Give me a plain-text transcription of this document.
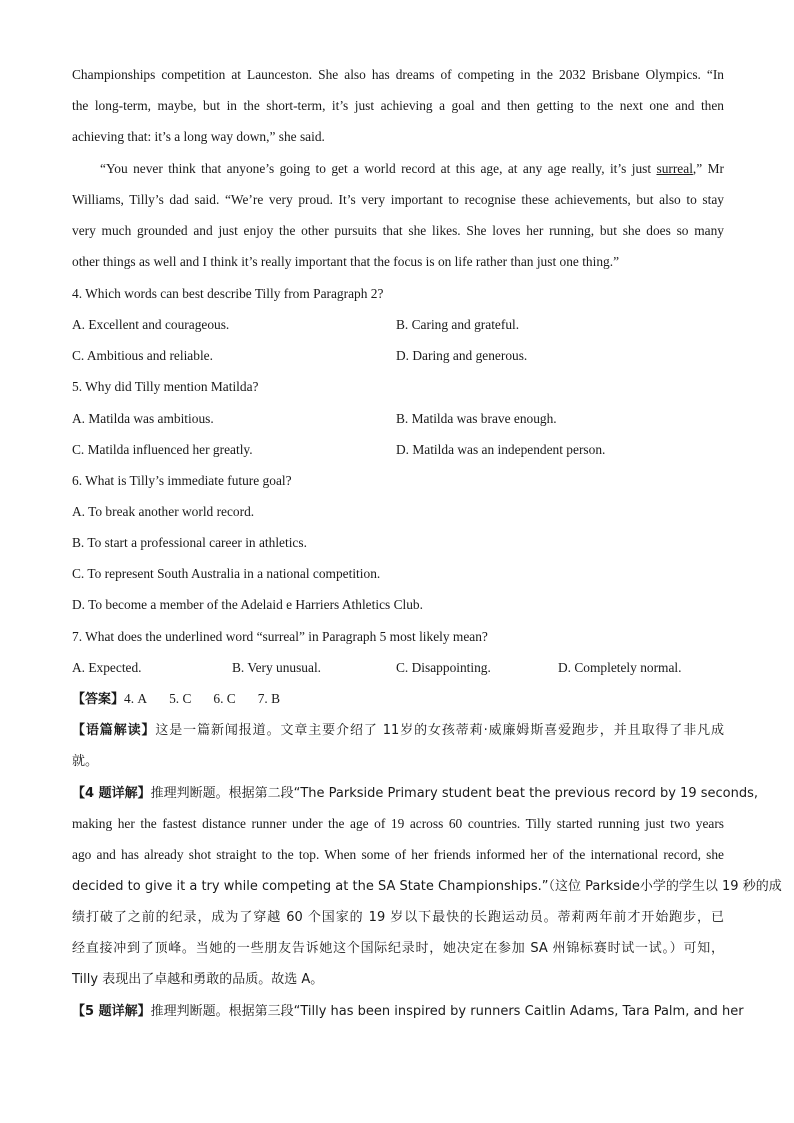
Championships competition at Launceston. She also has dreams of competing in the 2032 Brisbane Olympics. “In
the long-term, maybe, but in the short-term, it’s just achieving a goal and then getting to the next one and then
achieving that: it’s a long way down,” she said.
“You never think that anyone’s going to get a world record at this age, at any age really, it’s just surreal,” Mr
Williams, Tilly’s dad said. “We’re very proud. It’s very important to recognise these achievements, but also to stay
very much grounded and just enjoy the other pursuits that she likes. She loves her running, but she does so many
other things as well and I think it’s really important that the focus is on life rather than just one thing.”
4. Which words can best describe Tilly from Paragraph 2?
A. Excellent and courageous.	B. Caring and grateful.
C. Ambitious and reliable.	D. Daring and generous.
5. Why did Tilly mention Matilda?
A. Matilda was ambitious.	B. Matilda was brave enough.
C. Matilda influenced her greatly.	D. Matilda was an independent person.
6. What is Tilly’s immediate future goal?
A. To break another world record.
B. To start a professional career in athletics.
C. To represent South Australia in a national competition.
D. To become a member of the Adelaid e Harriers Athletics Club.
7. What does the underlined word “surreal” in Paragraph 5 most likely mean?
A. Expected.	B. Very unusual.	C. Disappointing.	D. Completely normal.
【答案】4. A 5. C 6. C 7. B
【语篇解读】这是一篇新闻报道。文章主要介绍了 11岁的女孩蒂莉·威廉姆斯喜爱跑步，并且取得了非凡成
就。
【4 题详解】推理判断题。根据第二段“The Parkside Primary student beat the previous record by 19 seconds,
making her the fastest distance runner under the age of 19 across 60 countries. Tilly started running just two years
ago and has already shot straight to the top. When some of her friends informed her of the international record, she
decided to give it a try while competing at the SA State Championships.”（这位 Parkside小学的学生以 19 秒的成
绩打破了之前的纪录，成为了穿越 60 个国家的 19 岁以下最快的长跑运动员。蒂莉两年前才开始跑步，已
经直接冲到了顶峰。当她的一些朋友告诉她这个国际纪录时，她决定在参加 SA 州锦标赛时试一试。）可知，
Tilly 表现出了卓越和勇敢的品质。故选 A。
【5 题详解】推理判断题。根据第三段“Tilly has been inspired by runners Caitlin Adams, Tara Palm, and her
